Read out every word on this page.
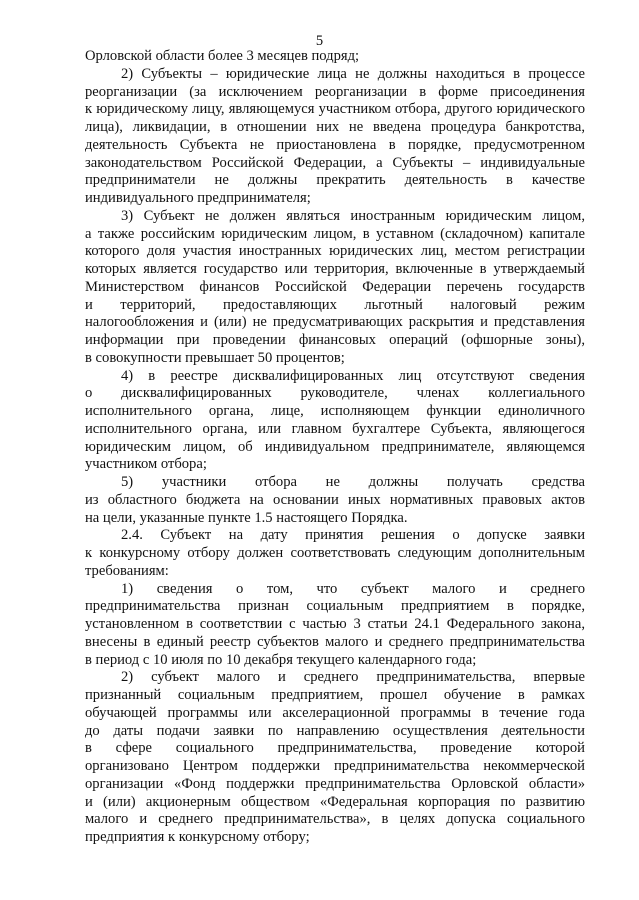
5
Орловской области более 3 месяцев подряд;
2) Субъекты – юридические лица не должны находиться в процессе
реорганизации (за исключением реорганизации в форме присоединения
к юридическому лицу, являющемуся участником отбора, другого юридического
лица), ликвидации, в отношении них не введена процедура банкротства,
деятельность Субъекта не приостановлена в порядке, предусмотренном
законодательством Российской Федерации, а Субъекты – индивидуальные
предприниматели не должны прекратить деятельность в качестве
индивидуального предпринимателя;
3) Субъект не должен являться иностранным юридическим лицом,
а также российским юридическим лицом, в уставном (складочном) капитале
которого доля участия иностранных юридических лиц, местом регистрации
которых является государство или территория, включенные в утверждаемый
Министерством финансов Российской Федерации перечень государств
и территорий, предоставляющих льготный налоговый режим
налогообложения и (или) не предусматривающих раскрытия и представления
информации при проведении финансовых операций (офшорные зоны),
в совокупности превышает 50 процентов;
4) в реестре дисквалифицированных лиц отсутствуют сведения
о дисквалифицированных руководителе, членах коллегиального
исполнительного органа, лице, исполняющем функции единоличного
исполнительного органа, или главном бухгалтере Субъекта, являющегося
юридическим лицом, об индивидуальном предпринимателе, являющемся
участником отбора;
5) участники отбора не должны получать средства
из областного бюджета на основании иных нормативных правовых актов
на цели, указанные пункте 1.5 настоящего Порядка.
2.4. Субъект на дату принятия решения о допуске заявки
к конкурсному отбору должен соответствовать следующим дополнительным
требованиям:
1) сведения о том, что субъект малого и среднего
предпринимательства признан социальным предприятием в порядке,
установленном в соответствии с частью 3 статьи 24.1 Федерального закона,
внесены в единый реестр субъектов малого и среднего предпринимательства
в период с 10 июля по 10 декабря текущего календарного года;
2) субъект малого и среднего предпринимательства, впервые
признанный социальным предприятием, прошел обучение в рамках
обучающей программы или акселерационной программы в течение года
до даты подачи заявки по направлению осуществления деятельности
в сфере социального предпринимательства, проведение которой
организовано Центром поддержки предпринимательства некоммерческой
организации «Фонд поддержки предпринимательства Орловской области»
и (или) акционерным обществом «Федеральная корпорация по развитию
малого и среднего предпринимательства», в целях допуска социального
предприятия к конкурсному отбору;
